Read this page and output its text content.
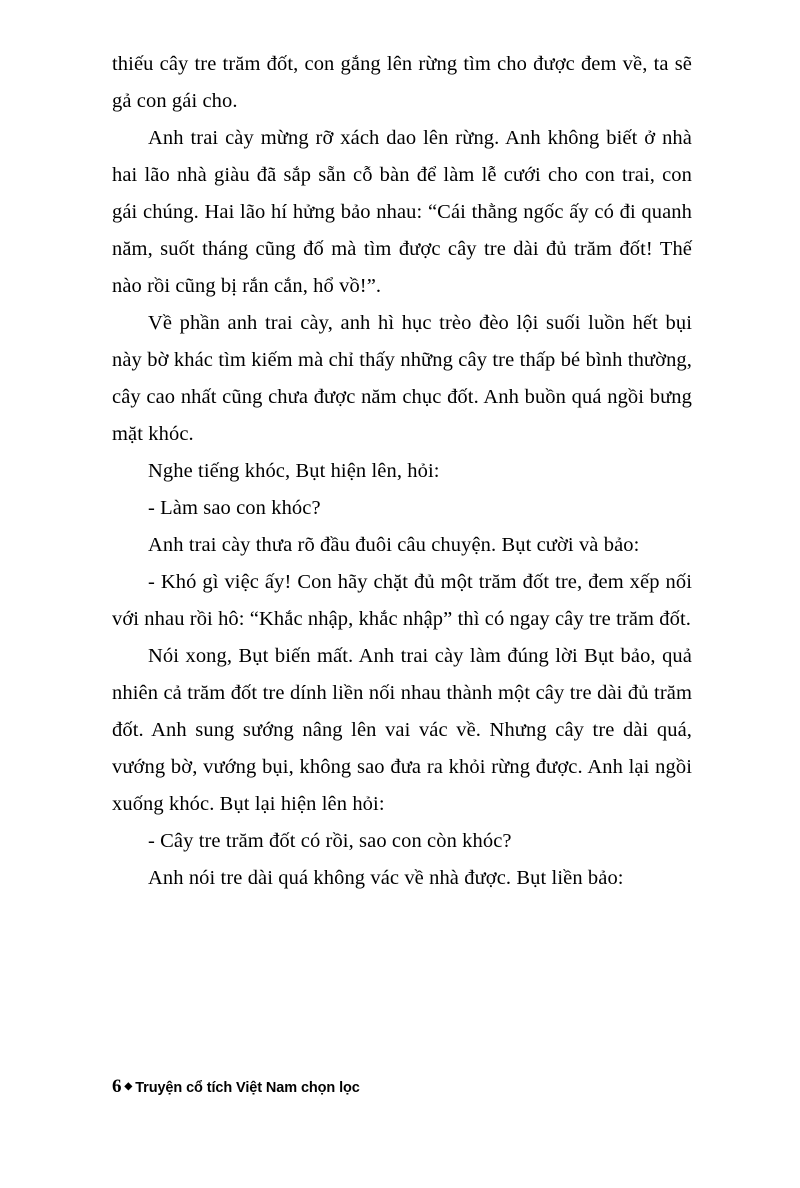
thiếu cây tre trăm đốt, con gắng lên rừng tìm cho được đem về, ta sẽ gả con gái cho.

Anh trai cày mừng rỡ xách dao lên rừng. Anh không biết ở nhà hai lão nhà giàu đã sắp sẵn cỗ bàn để làm lễ cưới cho con trai, con gái chúng. Hai lão hí hửng bảo nhau: “Cái thằng ngốc ấy có đi quanh năm, suốt tháng cũng đố mà tìm được cây tre dài đủ trăm đốt! Thế nào rồi cũng bị rắn cắn, hổ vồ!”.

Về phần anh trai cày, anh hì hục trèo đèo lội suối luồn hết bụi này bờ khác tìm kiếm mà chỉ thấy những cây tre thấp bé bình thường, cây cao nhất cũng chưa được năm chục đốt. Anh buồn quá ngồi bưng mặt khóc.

Nghe tiếng khóc, Bụt hiện lên, hỏi:

- Làm sao con khóc?

Anh trai cày thưa rõ đầu đuôi câu chuyện. Bụt cười và bảo:

- Khó gì việc ấy! Con hãy chặt đủ một trăm đốt tre, đem xếp nối với nhau rồi hô: “Khắc nhập, khắc nhập” thì có ngay cây tre trăm đốt.

Nói xong, Bụt biến mất. Anh trai cày làm đúng lời Bụt bảo, quả nhiên cả trăm đốt tre dính liền nối nhau thành một cây tre dài đủ trăm đốt. Anh sung sướng nâng lên vai vác về. Nhưng cây tre dài quá, vướng bờ, vướng bụi, không sao đưa ra khỏi rừng được. Anh lại ngồi xuống khóc. Bụt lại hiện lên hỏi:

- Cây tre trăm đốt có rồi, sao con còn khóc?

Anh nói tre dài quá không vác về nhà được. Bụt liền bảo:

6 ◆ Truyện cổ tích Việt Nam chọn lọc
